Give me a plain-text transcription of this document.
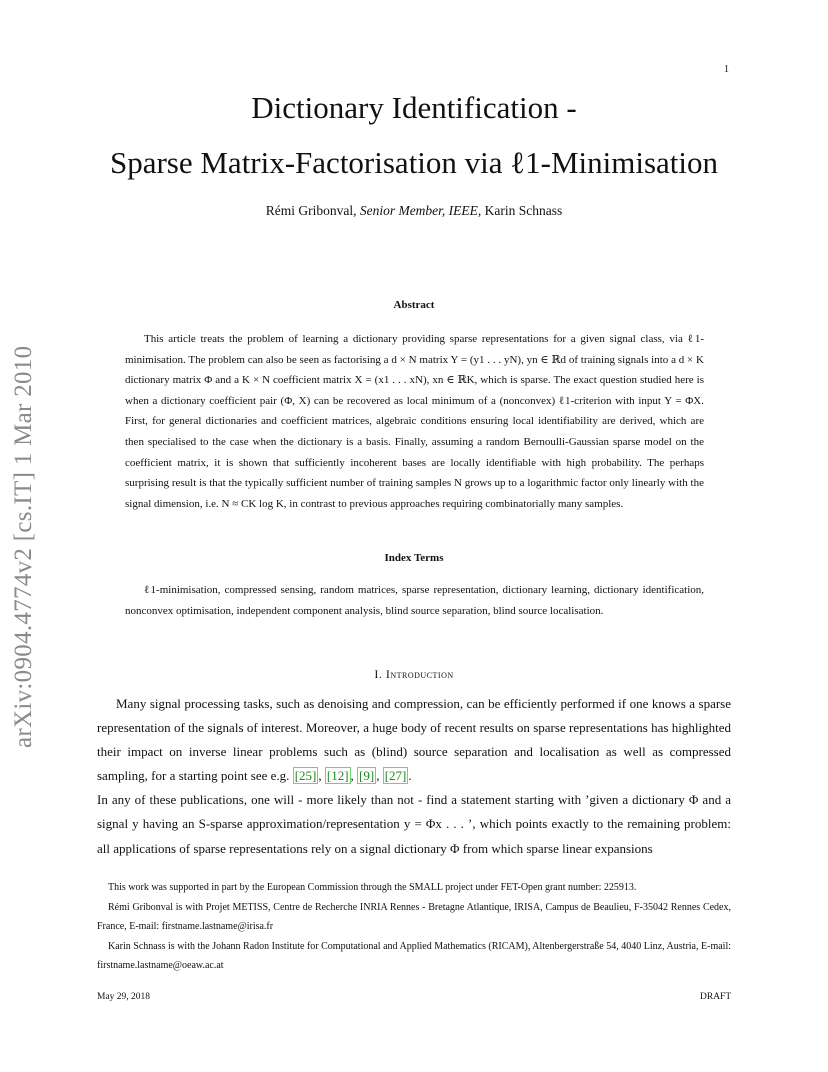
1
arXiv:0904.4774v2 [cs.IT] 1 Mar 2010
Dictionary Identification -
Sparse Matrix-Factorisation via ℓ1-Minimisation
Rémi Gribonval, Senior Member, IEEE, Karin Schnass
Abstract
This article treats the problem of learning a dictionary providing sparse representations for a given signal class, via ℓ1-minimisation. The problem can also be seen as factorising a d × N matrix Y = (y1 . . . yN), yn ∈ ℝd of training signals into a d × K dictionary matrix Φ and a K × N coefficient matrix X = (x1 . . . xN), xn ∈ ℝK, which is sparse. The exact question studied here is when a dictionary coefficient pair (Φ, X) can be recovered as local minimum of a (nonconvex) ℓ1-criterion with input Y = ΦX. First, for general dictionaries and coefficient matrices, algebraic conditions ensuring local identifiability are derived, which are then specialised to the case when the dictionary is a basis. Finally, assuming a random Bernoulli-Gaussian sparse model on the coefficient matrix, it is shown that sufficiently incoherent bases are locally identifiable with high probability. The perhaps surprising result is that the typically sufficient number of training samples N grows up to a logarithmic factor only linearly with the signal dimension, i.e. N ≈ CK log K, in contrast to previous approaches requiring combinatorially many samples.
Index Terms
ℓ1-minimisation, compressed sensing, random matrices, sparse representation, dictionary learning, dictionary identification, nonconvex optimisation, independent component analysis, blind source separation, blind source localisation.
I. Introduction

Many signal processing tasks, such as denoising and compression, can be efficiently performed if one knows a sparse representation of the signals of interest. Moreover, a huge body of recent results on sparse representations has highlighted their impact on inverse linear problems such as (blind) source separation and localisation as well as compressed sampling, for a starting point see e.g. [25] , [12] , [9] , [27] .

In any of these publications, one will - more likely than not - find a statement starting with ’given a dictionary Φ and a signal y having an S-sparse approximation/representation y = Φx . . . ’, which points exactly to the remaining problem: all applications of sparse representations rely on a signal dictionary Φ from which sparse linear expansions

This work was supported in part by the European Commission through the SMALL project under FET-Open grant number: 225913.

Rémi Gribonval is with Projet METISS, Centre de Recherche INRIA Rennes - Bretagne Atlantique, IRISA, Campus de Beaulieu, F-35042 Rennes Cedex, France, E-mail: firstname.lastname@irisa.fr

Karin Schnass is with the Johann Radon Institute for Computational and Applied Mathematics (RICAM), Altenbergerstraße 54, 4040 Linz, Austria, E-mail: firstname.lastname@oeaw.ac.at

May 29, 2018	DRAFT
